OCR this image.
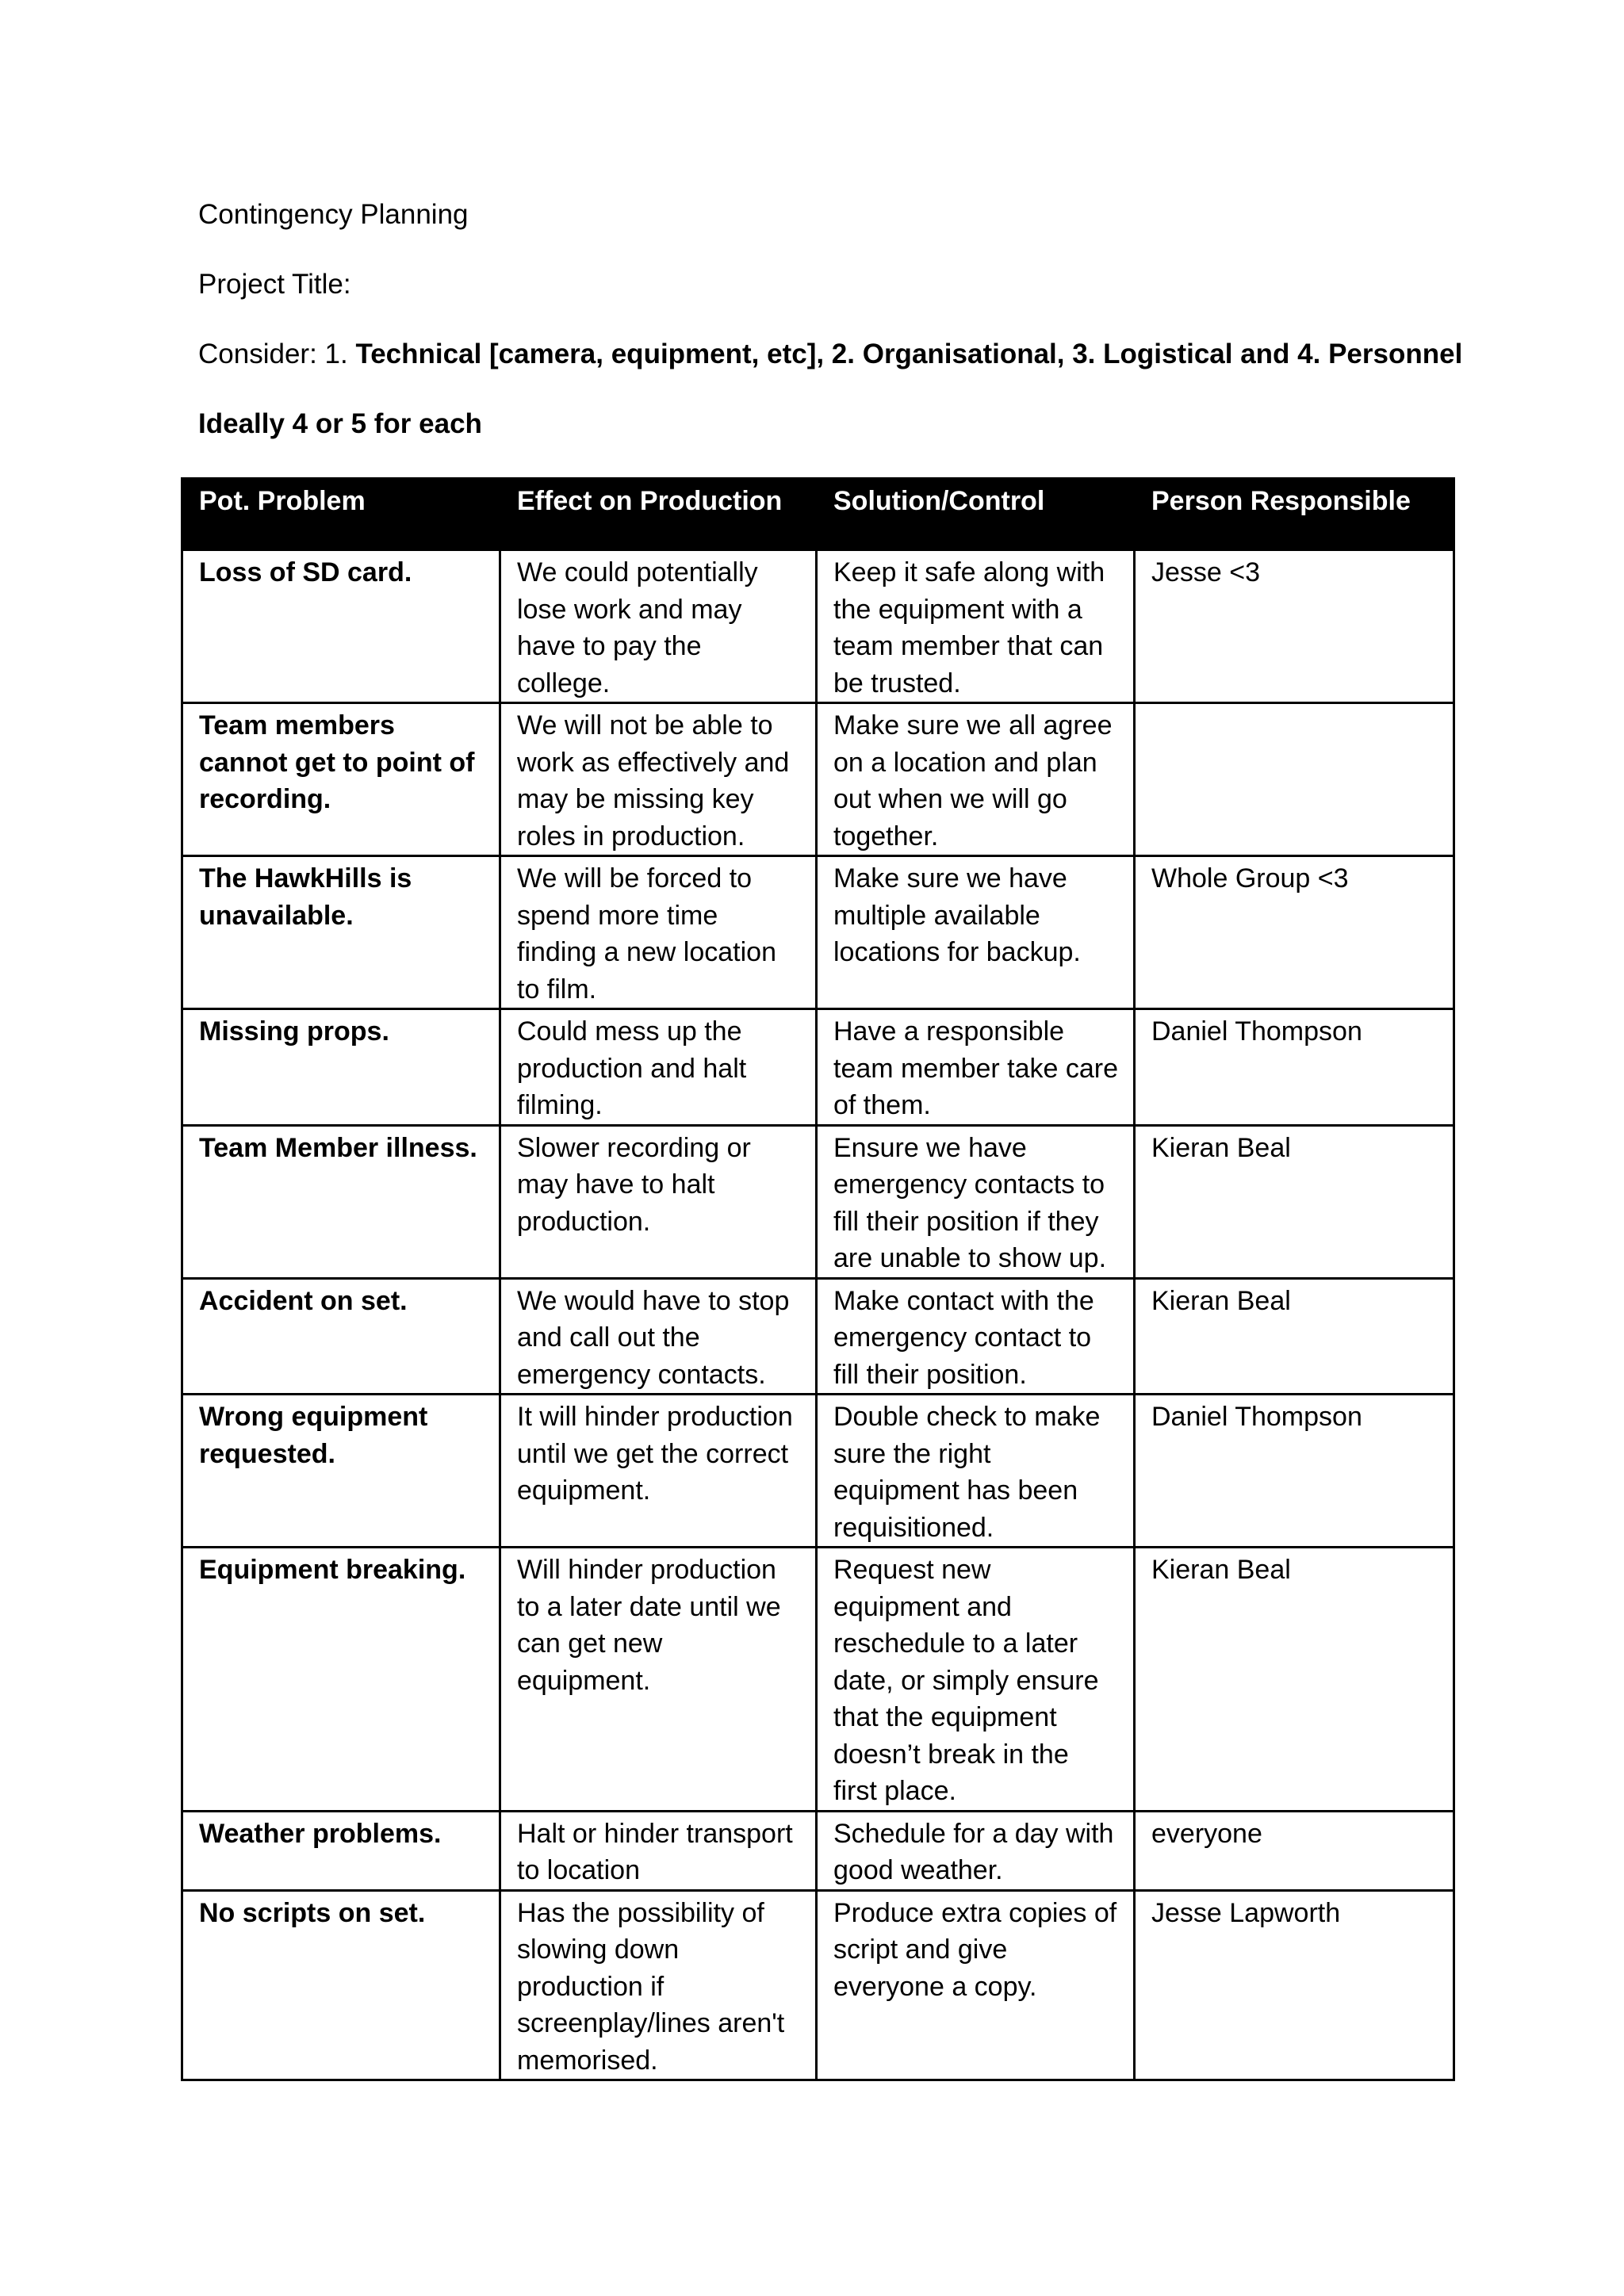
Contingency Planning
Project Title:
Consider: 1. Technical [camera, equipment, etc], 2. Organisational, 3. Logistical and 4. Personnel
Ideally 4 or 5 for each
Pot. Problem	Effect on Production	Solution/Control	Person Responsible
Loss of SD card.	We could potentially lose work and may have to pay the college.	Keep it safe along with the equipment with a team member that can be trusted.	Jesse <3
Team members cannot get to point of recording.	We will not be able to work as effectively and may be missing key roles in production.	Make sure we all agree on a location and plan out when we will go together.	
The HawkHills is unavailable.	We will be forced to spend more time finding a new location to film.	Make sure we have multiple available locations for backup.	Whole Group <3
Missing props.	Could mess up the production and halt filming.	Have a responsible team member take care of them.	Daniel Thompson
Team Member illness.	Slower recording or may have to halt production.	Ensure we have emergency contacts to fill their position if they are unable to show up.	Kieran Beal
Accident on set.	We would have to stop and call out the emergency contacts.	Make contact with the emergency contact to fill their position.	Kieran Beal
Wrong equipment requested.	It will hinder production until we get the correct equipment.	Double check to make sure the right equipment has been requisitioned.	Daniel Thompson
Equipment breaking.	Will hinder production to a later date until we can get new equipment.	Request new equipment and reschedule to a later date, or simply ensure that the equipment doesn’t break in the first place.	Kieran Beal
Weather problems.	Halt or hinder transport to location	Schedule for a day with good weather.	everyone
No scripts on set.	Has the possibility of slowing down production if screenplay/lines aren't memorised.	Produce extra copies of script and give everyone a copy.	Jesse Lapworth
